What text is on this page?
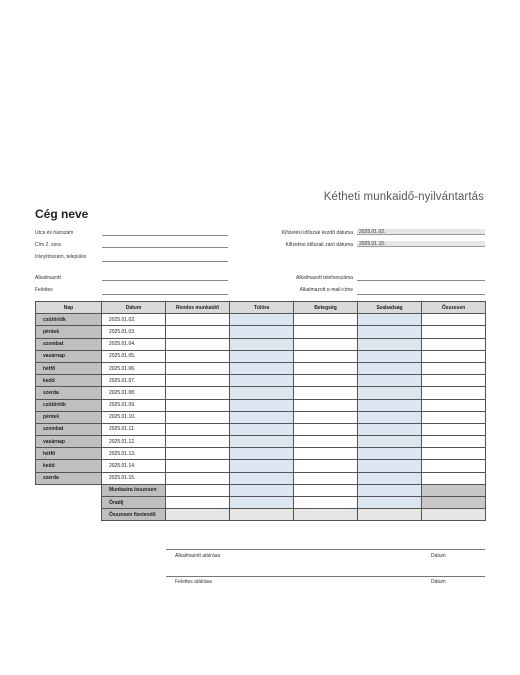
Kétheti munkaidő-nyilvántartás
Cég neve
Utca és házszám
Cím 2. sora
Irányítószám, település
Alkalmazott
Felettes
Kifizetési időszak kezdő dátuma	2025.01.02.
Kifizetési időszak záró dátuma	2025.01.15.
Alkalmazott telefonszáma
Alkalmazott e-mail-címe
Nap	Dátum	Rendes munkaidő	Túlóra	Betegség	Szabadság	Összesen
csütörtök	2025.01.02.					
péntek	2025.01.03.					
szombat	2025.01.04.					
vasárnap	2025.01.05.					
hétfő	2025.01.06.					
kedd	2025.01.07.					
szerda	2025.01.08.					
csütörtök	2025.01.09.					
péntek	2025.01.10.					
szombat	2025.01.11.					
vasárnap	2025.01.12.					
hétfő	2025.01.13.					
kedd	2025.01.14.					
szerda	2025.01.15.					
	Munkaóra összesen					
	Óradíj					
	Összesen fizetendő					
Alkalmazott aláírása	Dátum
Felettes aláírása	Dátum
